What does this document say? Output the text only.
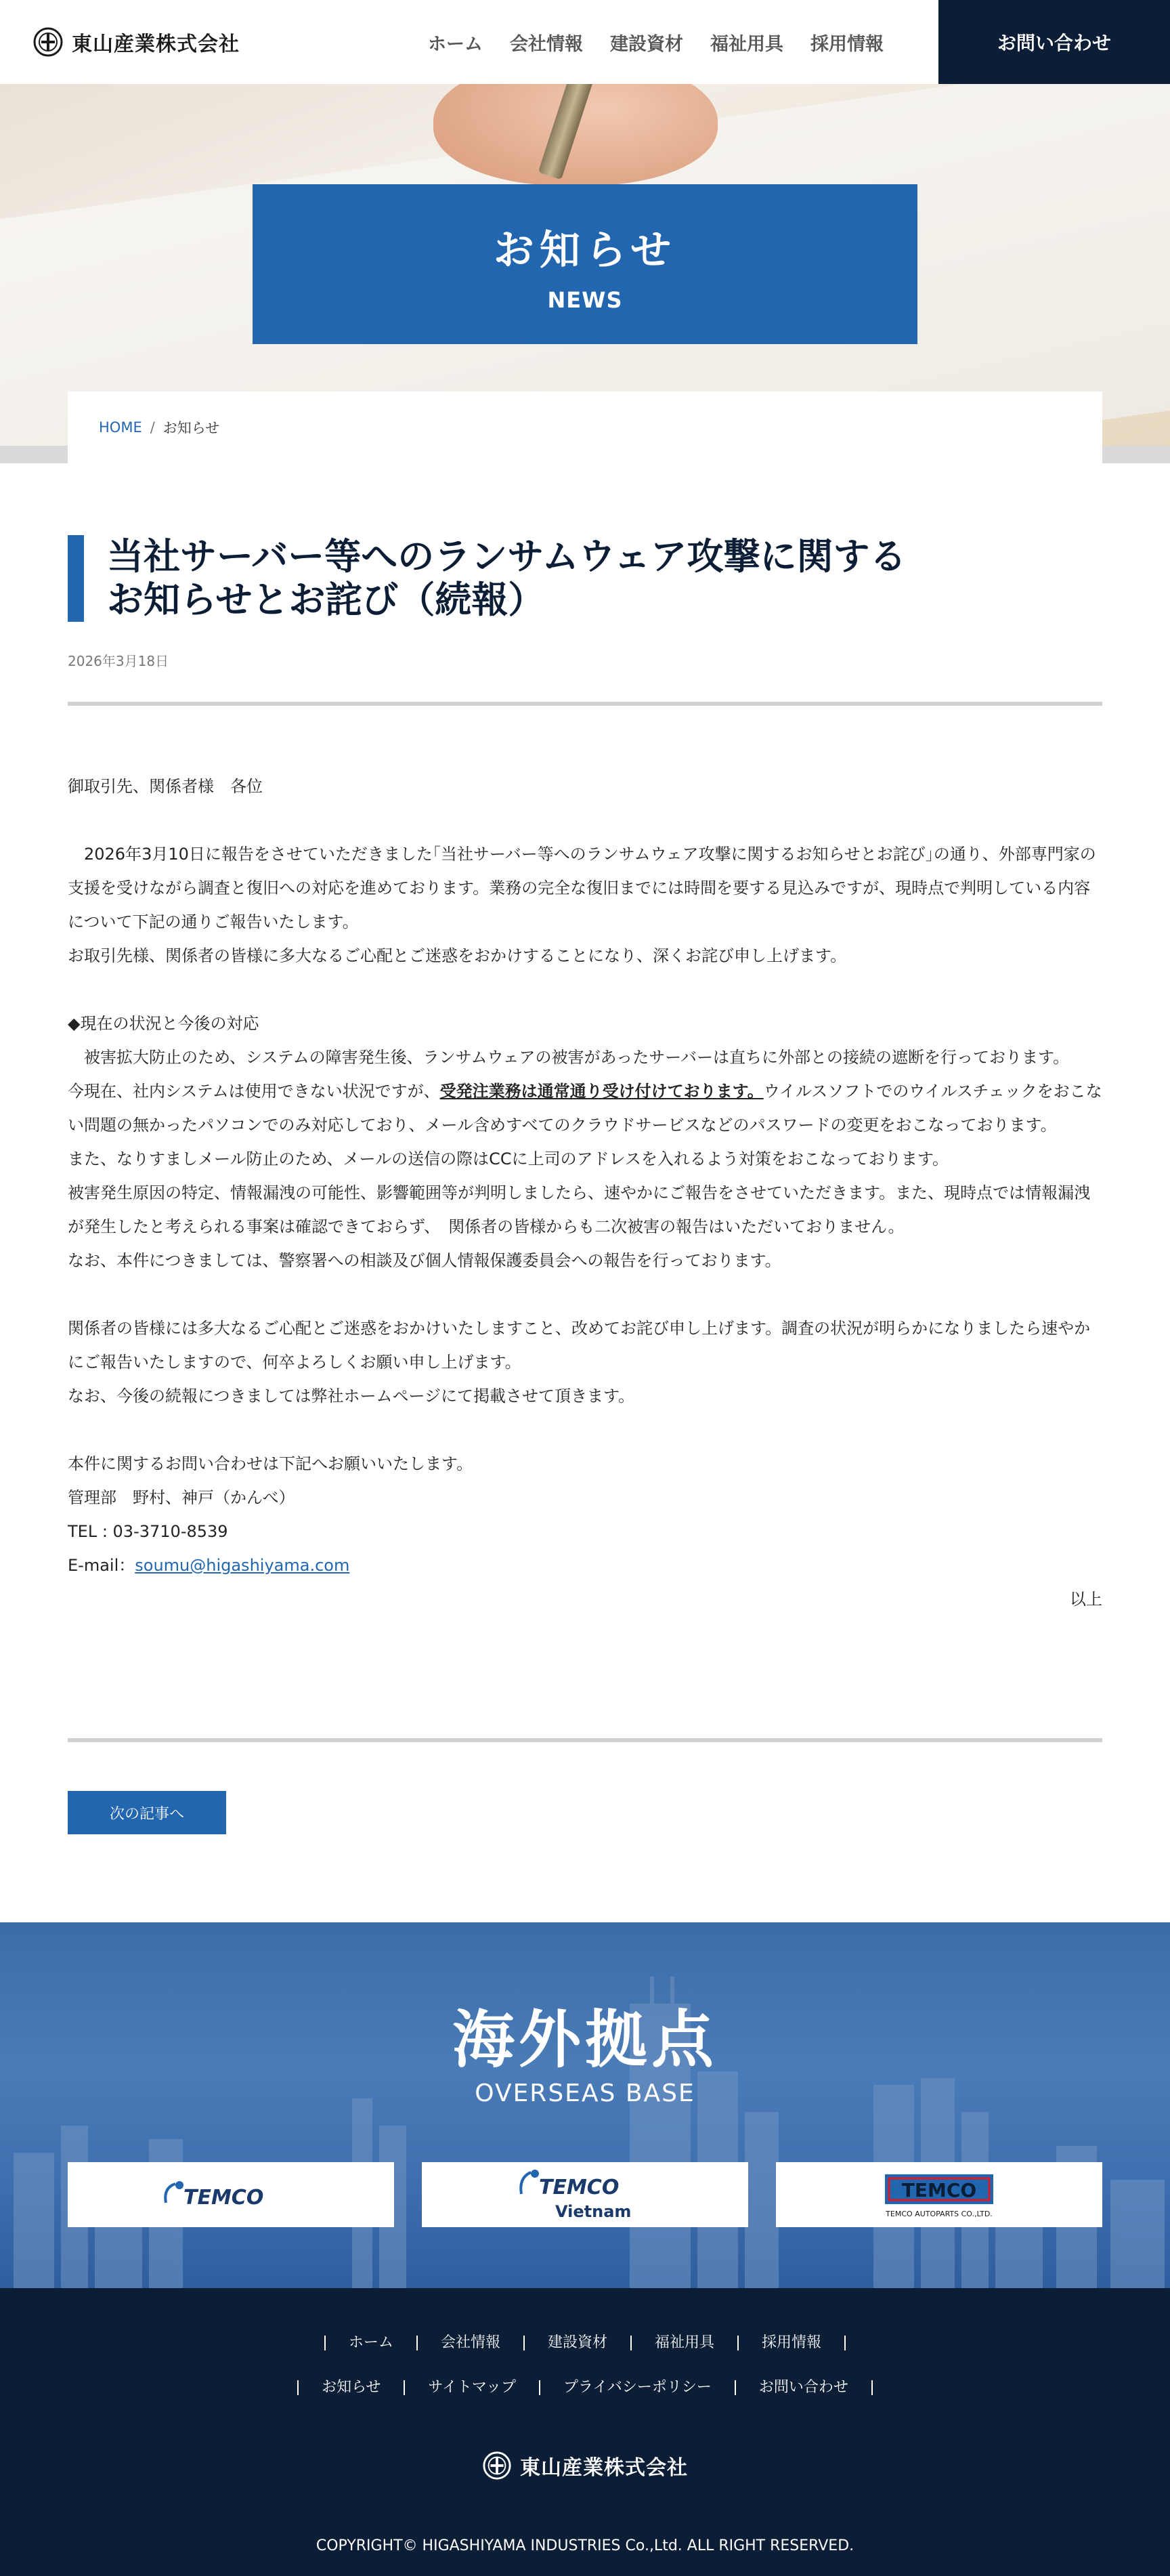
東山産業株式会社	ホーム 会社情報 建設資材 福祉用具 採用情報	お問い合わせ
お知らせ
NEWS
HOME / お知らせ
当社サーバー等へのランサムウェア攻撃に関する
お知らせとお詫び（続報）
2026年3月18日

御取引先、関係者様　各位

　2026年3月10日に報告をさせていただきました｢当社サーバー等へのランサムウェア攻撃に関するお知らせとお詫び｣の通り、外部専門家の支援を受けながら調査と復旧への対応を進めております。業務の完全な復旧までには時間を要する見込みですが、現時点で判明している内容について下記の通りご報告いたします。

お取引先様、関係者の皆様に多大なるご心配とご迷惑をおかけすることになり、深くお詫び申し上げます。

◆現在の状況と今後の対応

　被害拡大防止のため、システムの障害発生後、ランサムウェアの被害があったサーバーは直ちに外部との接続の遮断を行っております。

今現在、社内システムは使用できない状況ですが、受発注業務は通常通り受け付けております。ウイルスソフトでのウイルスチェックをおこない問題の無かったパソコンでのみ対応しており、メール含めすべてのクラウドサービスなどのパスワードの変更をおこなっております。

また、なりすましメール防止のため、メールの送信の際はCCに上司のアドレスを入れるよう対策をおこなっております。

被害発生原因の特定、情報漏洩の可能性、影響範囲等が判明しましたら、速やかにご報告をさせていただきます。また、現時点では情報漏洩が発生したと考えられる事案は確認できておらず、　関係者の皆様からも二次被害の報告はいただいておりません。

なお、本件につきましては、警察署への相談及び個人情報保護委員会への報告を行っております。

関係者の皆様には多大なるご心配とご迷惑をおかけいたしますこと、改めてお詫び申し上げます。調査の状況が明らかになりましたら速やかにご報告いたしますので、何卒よろしくお願い申し上げます。

なお、今後の続報につきましては弊社ホームページにて掲載させて頂きます。

本件に関するお問い合わせは下記へお願いいたします。

管理部　野村、神戸（かんべ）

TEL : 03-3710-8539

E-mail：soumu@higashiyama.com

以上

次の記事へ
海外拠点
OVERSEAS BASE
TEMCO	TEMCO
Vietnam
TEMCO
TEMCO AUTOPARTS CO.,LTD.
ホーム	会社情報	建設資材	福祉用具	採用情報
お知らせ	サイトマップ	プライバシーポリシー	お問い合わせ
東山産業株式会社
COPYRIGHT© HIGASHIYAMA INDUSTRIES Co.,Ltd. ALL RIGHT RESERVED.
